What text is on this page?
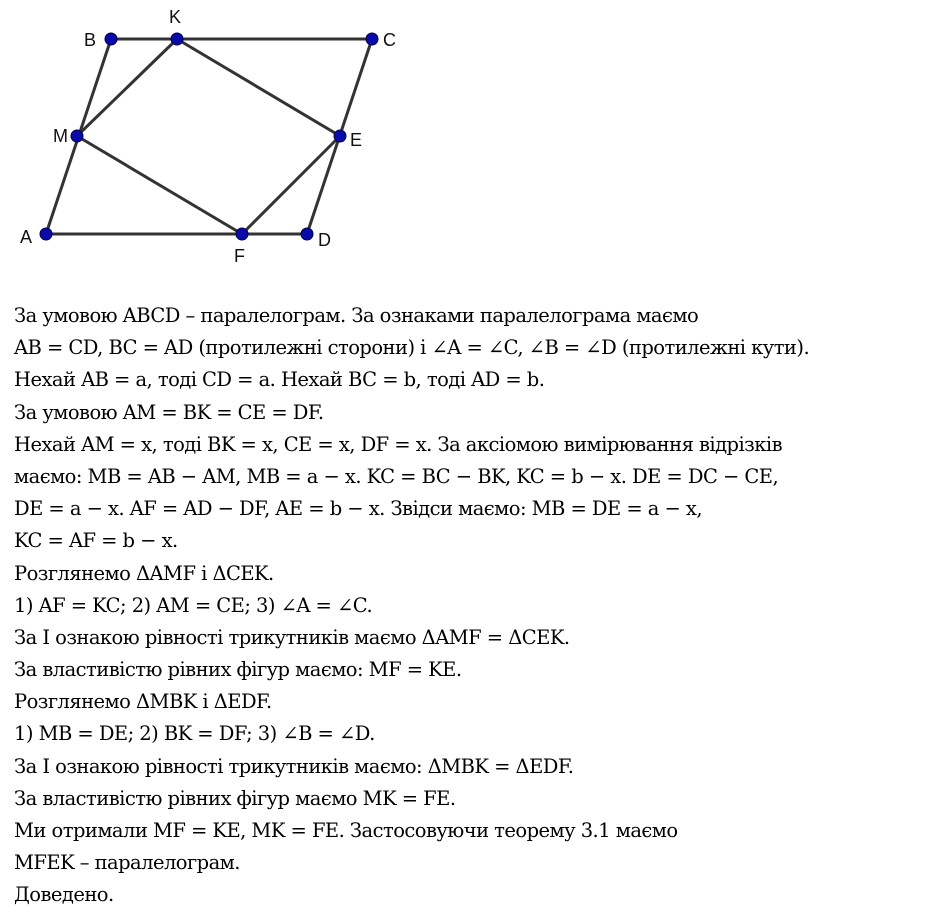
A
B	C
D
K
M	E
F
За умовою ABCD – паралелограм. За ознаками паралелограма маємо
AB = CD, BC = AD (протилежні сторони) і ∠A = ∠C, ∠B = ∠D (протилежні кути).
Нехай AB = a, тоді CD = a. Нехай BC = b, тоді AD = b.
За умовою AM = BK = CE = DF.
Нехай AM = x, тоді BK = x, CE = x, DF = x. За аксіомою вимірювання відрізків
маємо: MB = AB − AM, MB = a − x. KC = BC − BK, KC = b − x. DE = DC − CE,
DE = a − x. AF = AD − DF, AE = b − x. Звідси маємо: MB = DE = a − x,
KC = AF = b − x.
Розглянемо ΔAMF і ΔCEK.
1) AF = KC; 2) AM = CE; 3) ∠A = ∠C.
За І ознакою рівності трикутників маємо ΔAMF = ΔCEK.
За властивістю рівних фігур маємо: MF = KE.
Розглянемо ΔMBK і ΔEDF.
1) MB = DE; 2) BK = DF; 3) ∠B = ∠D.
За І ознакою рівності трикутників маємо: ΔMBK = ΔEDF.
За властивістю рівних фігур маємо MK = FE.
Ми отримали MF = KE, MK = FE. Застосовуючи теорему 3.1 маємо
MFEK – паралелограм.
Доведено.
